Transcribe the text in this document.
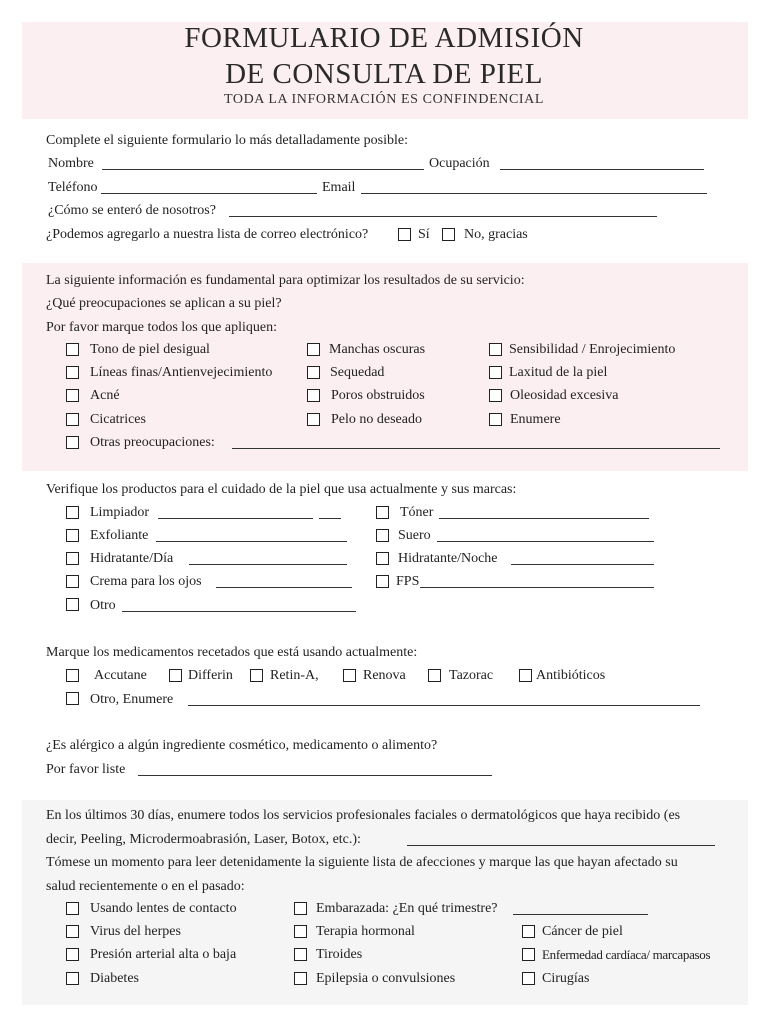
FORMULARIO DE ADMISIÓN
DE CONSULTA DE PIEL
TODA LA INFORMACIÓN ES CONFINDENCIAL
Complete el siguiente formulario lo más detalladamente posible:
Nombre	Ocupación
Teléfono	Email
¿Cómo se enteró de nosotros?
¿Podemos agregarlo a nuestra lista de correo electrónico?	Sí No, gracias
La siguiente información es fundamental para optimizar los resultados de su servicio:
¿Qué preocupaciones se aplican a su piel?
Por favor marque todos los que apliquen:
Tono de piel desigual
Líneas finas/Antienvejecimiento
Acné
Cicatrices
Manchas oscuras
Sequedad
Poros obstruidos
Pelo no deseado
Sensibilidad / Enrojecimiento
Laxitud de la piel
Oleosidad excesiva
Enumere
Otras preocupaciones:
Verifique los productos para el cuidado de la piel que usa actualmente y sus marcas:
Limpiador
Exfoliante
Hidratante/Día
Crema para los ojos
Otro
Tóner
Suero
Hidratante/Noche
FPS
Marque los medicamentos recetados que está usando actualmente:
Accutane	Differin	Retin-A,	Renova	Tazorac	Antibióticos
Otro, Enumere
¿Es alérgico a algún ingrediente cosmético, medicamento o alimento?
Por favor liste
En los últimos 30 días, enumere todos los servicios profesionales faciales o dermatológicos que haya recibido (es
decir, Peeling, Microdermoabrasión, Laser, Botox, etc.):
Tómese un momento para leer detenidamente la siguiente lista de afecciones y marque las que hayan afectado su
salud recientemente o en el pasado:
Usando lentes de contacto
Virus del herpes
Presión arterial alta o baja
Diabetes
Embarazada: ¿En qué trimestre?
Terapia hormonal
Tiroides
Epilepsia o convulsiones
Cáncer de piel
Enfermedad cardíaca/ marcapasos
Cirugías
